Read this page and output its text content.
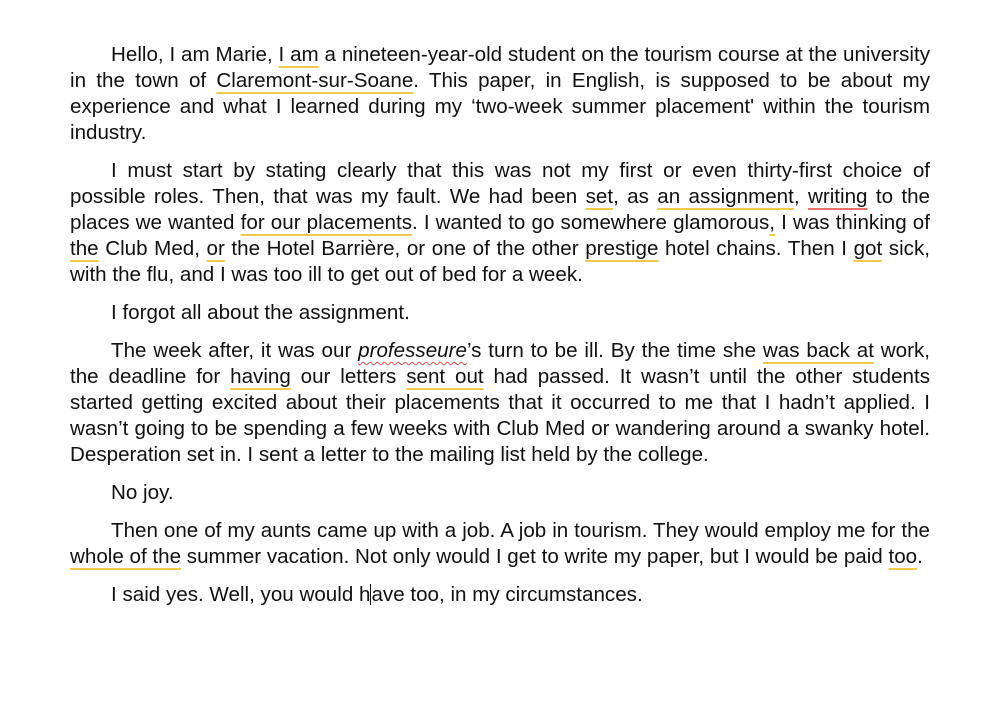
Hello, I am Marie, I am a nineteen-year-old student on the tourism course at the university in the town of Claremont-sur-Soane. This paper, in English, is supposed to be about my experience and what I learned during my ‘two-week summer placement' within the tourism industry.

I must start by stating clearly that this was not my first or even thirty-first choice of possible roles. Then, that was my fault. We had been set, as an assignment, writing to the places we wanted for our placements. I wanted to go somewhere glamorous, I was thinking of the Club Med, or the Hotel Barrière, or one of the other prestige hotel chains. Then I got sick, with the flu, and I was too ill to get out of bed for a week.

I forgot all about the assignment.

The week after, it was our professeure’s turn to be ill. By the time she was back at work, the deadline for having our letters sent out had passed. It wasn’t until the other students started getting excited about their placements that it occurred to me that I hadn’t applied. I wasn’t going to be spending a few weeks with Club Med or wandering around a swanky hotel. Desperation set in. I sent a letter to the mailing list held by the college.

No joy.

Then one of my aunts came up with a job. A job in tourism. They would employ me for the whole of the summer vacation. Not only would I get to write my paper, but I would be paid too.

I said yes. Well, you would have too, in my circumstances.
